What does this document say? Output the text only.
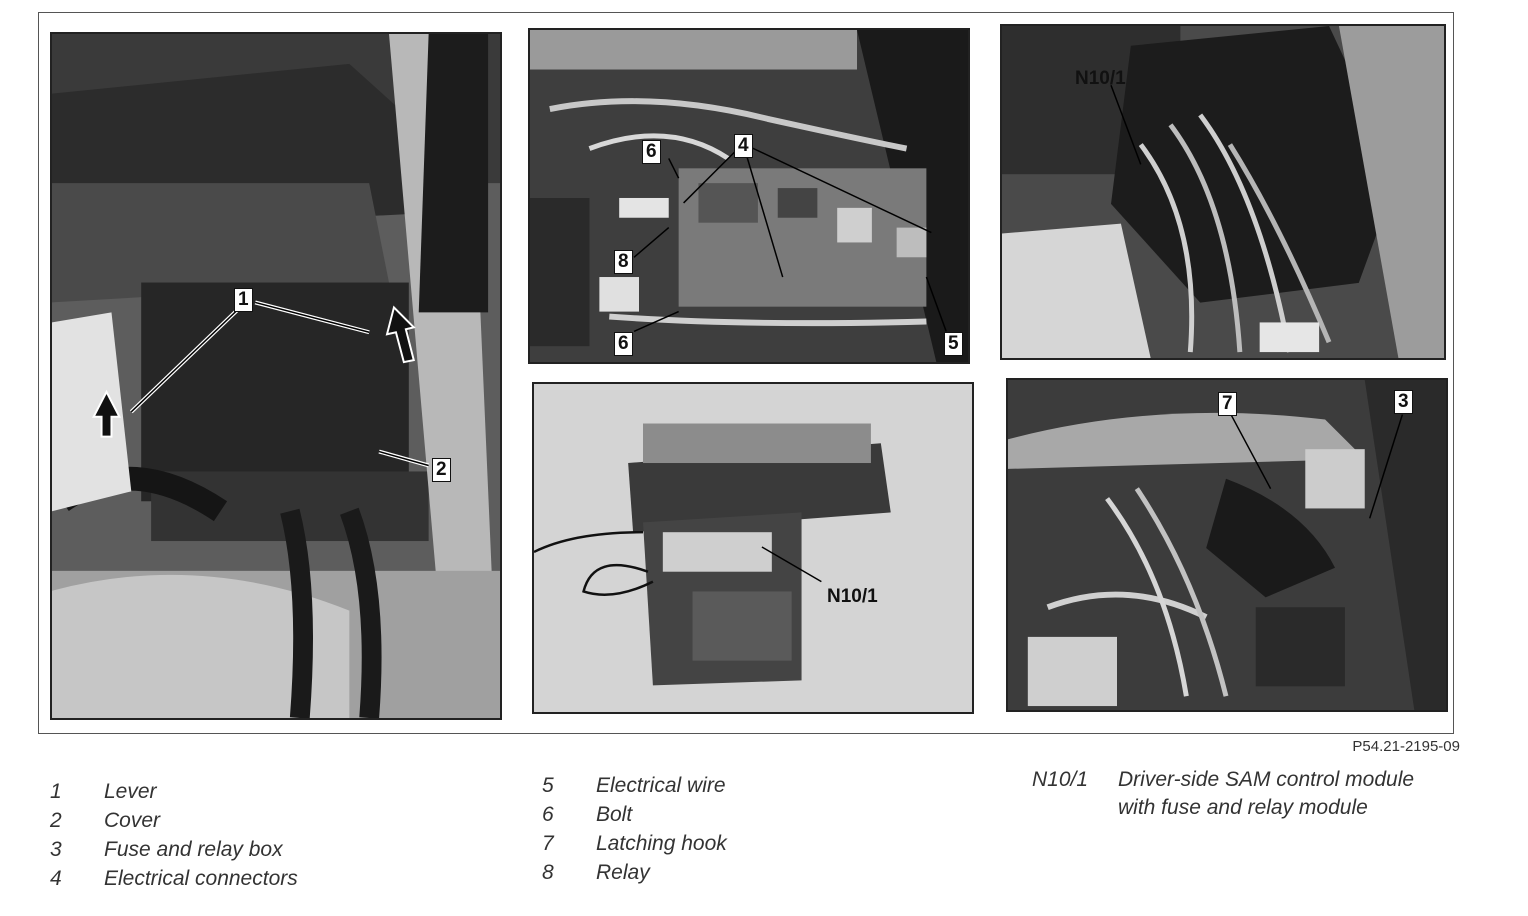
1
2
6	4
8
6	5
N10/1
N10/1
7	3
P54.21-2195-09
1 Lever
2 Cover
3 Fuse and relay box
4 Electrical connectors
5 Electrical wire
6 Bolt
7 Latching hook
8 Relay
N10/1 Driver-side SAM control module
with fuse and relay module
